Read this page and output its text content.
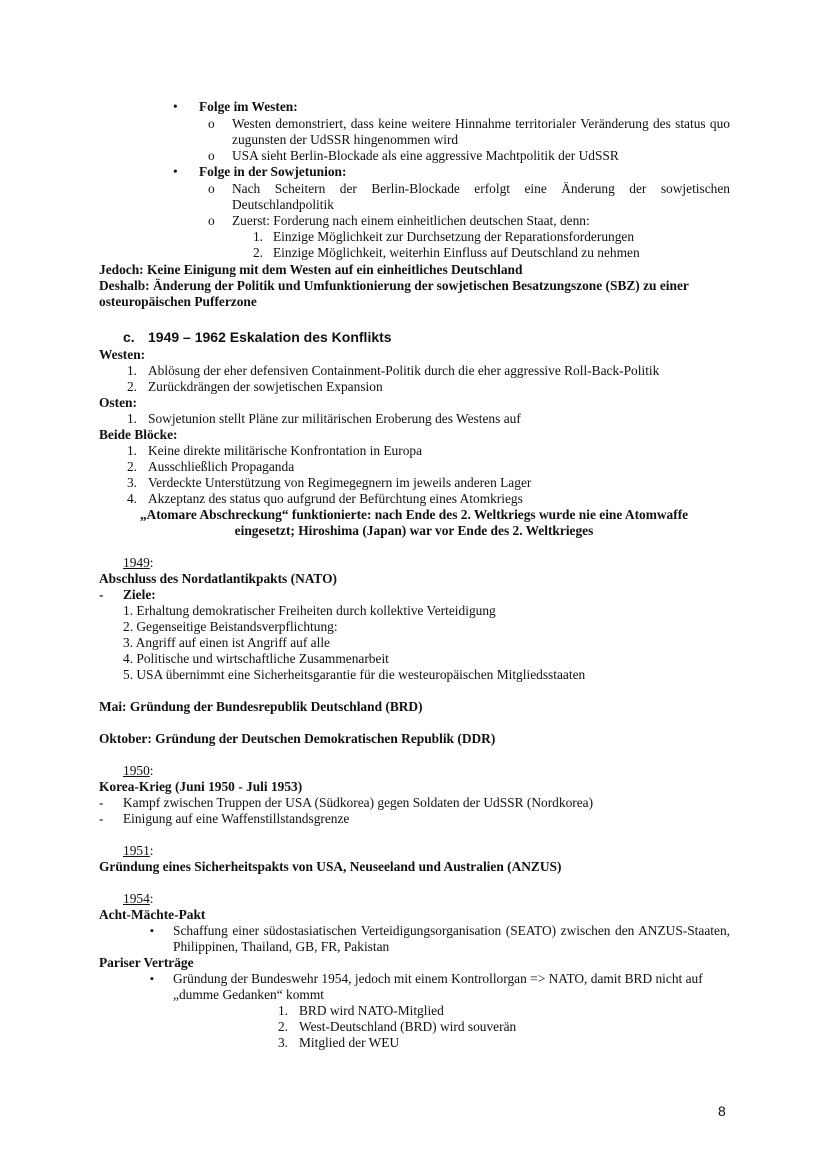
• Folge im Westen:
o Westen demonstriert, dass keine weitere Hinnahme territorialer Veränderung des status quo zugunsten der UdSSR hingenommen wird
o USA sieht Berlin-Blockade als eine aggressive Machtpolitik der UdSSR
• Folge in der Sowjetunion:
o Nach Scheitern der Berlin-Blockade erfolgt eine Änderung der sowjetischen Deutschlandpolitik
o Zuerst: Forderung nach einem einheitlichen deutschen Staat, denn:
1. Einzige Möglichkeit zur Durchsetzung der Reparationsforderungen
2. Einzige Möglichkeit, weiterhin Einfluss auf Deutschland zu nehmen
Jedoch: Keine Einigung mit dem Westen auf ein einheitliches Deutschland
Deshalb: Änderung der Politik und Umfunktionierung der sowjetischen Besatzungszone (SBZ) zu einer osteuropäischen Pufferzone
c. 1949 – 1962 Eskalation des Konflikts
Westen:
1. Ablösung der eher defensiven Containment-Politik durch die eher aggressive Roll-Back-Politik
2. Zurückdrängen der sowjetischen Expansion
Osten:
1. Sowjetunion stellt Pläne zur militärischen Eroberung des Westens auf
Beide Blöcke:
1. Keine direkte militärische Konfrontation in Europa
2. Ausschließlich Propaganda
3. Verdeckte Unterstützung von Regimegegnern im jeweils anderen Lager
4. Akzeptanz des status quo aufgrund der Befürchtung eines Atomkriegs
„Atomare Abschreckung“ funktionierte: nach Ende des 2. Weltkriegs wurde nie eine Atomwaffe
eingesetzt; Hiroshima (Japan) war vor Ende des 2. Weltkrieges
1949:
Abschluss des Nordatlantikpakts (NATO)
- Ziele:
1. Erhaltung demokratischer Freiheiten durch kollektive Verteidigung
2. Gegenseitige Beistandsverpflichtung:
3. Angriff auf einen ist Angriff auf alle
4. Politische und wirtschaftliche Zusammenarbeit
5. USA übernimmt eine Sicherheitsgarantie für die westeuropäischen Mitgliedsstaaten
Mai: Gründung der Bundesrepublik Deutschland (BRD)
Oktober: Gründung der Deutschen Demokratischen Republik (DDR)
1950:
Korea-Krieg (Juni 1950 - Juli 1953)
- Kampf zwischen Truppen der USA (Südkorea) gegen Soldaten der UdSSR (Nordkorea)
- Einigung auf eine Waffenstillstandsgrenze
1951:
Gründung eines Sicherheitspakts von USA, Neuseeland und Australien (ANZUS)
1954:
Acht-Mächte-Pakt
▪ Schaffung einer südostasiatischen Verteidigungsorganisation (SEATO) zwischen den ANZUS-Staaten, Philippinen, Thailand, GB, FR, Pakistan
Pariser Verträge
▪ Gründung der Bundeswehr 1954, jedoch mit einem Kontrollorgan => NATO, damit BRD nicht auf „dumme Gedanken“ kommt
1. BRD wird NATO-Mitglied
2. West-Deutschland (BRD) wird souverän
3. Mitglied der WEU
8
